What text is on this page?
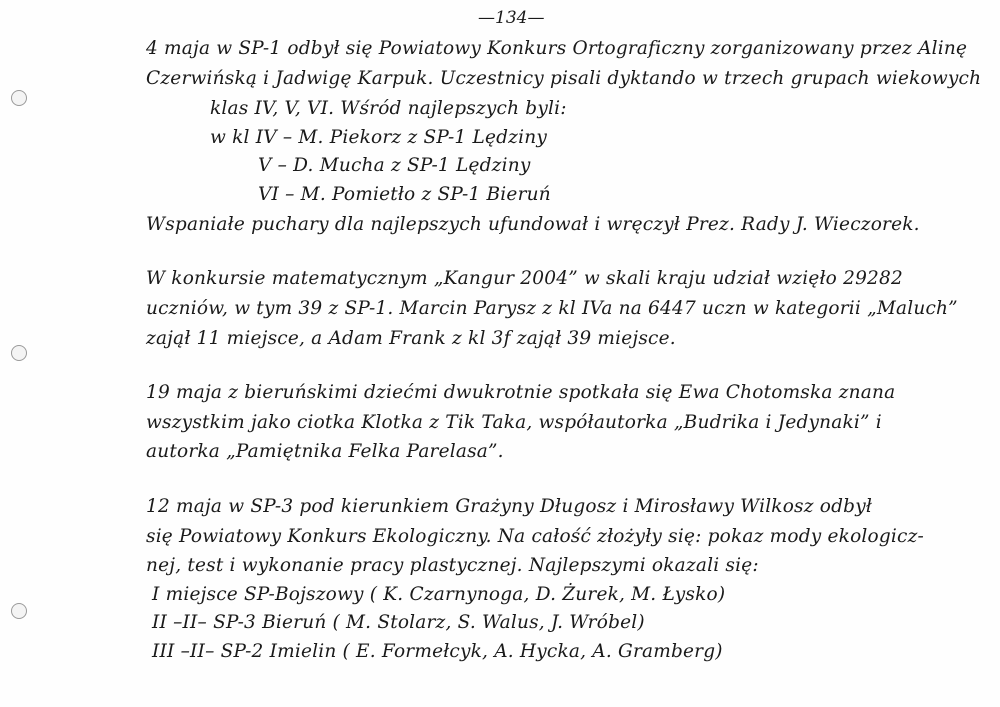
—134—
4 maja w SP-1 odbył się Powiatowy Konkurs Ortograficzny zorganizowany przez Alinę
Czerwińską i Jadwigę Karpuk. Uczestnicy pisali dyktando w trzech grupach wiekowych
klas IV, V, VI. Wśród najlepszych byli:
w kl IV – M. Piekorz z SP-1 Lędziny
V – D. Mucha z SP-1 Lędziny
VI – M. Pomietło z SP-1 Bieruń
Wspaniałe puchary dla najlepszych ufundował i wręczył Prez. Rady J. Wieczorek.
W konkursie matematycznym „Kangur 2004” w skali kraju udział wzięło 29282
uczniów, w tym 39 z SP-1. Marcin Parysz z kl IVa na 6447 uczn w kategorii „Maluch”
zajął 11 miejsce, a Adam Frank z kl 3f zajął 39 miejsce.
19 maja z bieruńskimi dziećmi dwukrotnie spotkała się Ewa Chotomska znana
wszystkim jako ciotka Klotka z Tik Taka, współautorka „Budrika i Jedynaki” i
autorka „Pamiętnika Felka Parelasa”.
12 maja w SP-3 pod kierunkiem Grażyny Długosz i Mirosławy Wilkosz odbył
się Powiatowy Konkurs Ekologiczny. Na całość złożyły się: pokaz mody ekologicz-
nej, test i wykonanie pracy plastycznej. Najlepszymi okazali się:
I miejsce SP-Bojszowy ( K. Czarnynoga, D. Żurek, M. Łysko)
II –II– SP-3 Bieruń ( M. Stolarz, S. Walus, J. Wróbel)
III –II– SP-2 Imielin ( E. Formełcyk, A. Hycka, A. Gramberg)
